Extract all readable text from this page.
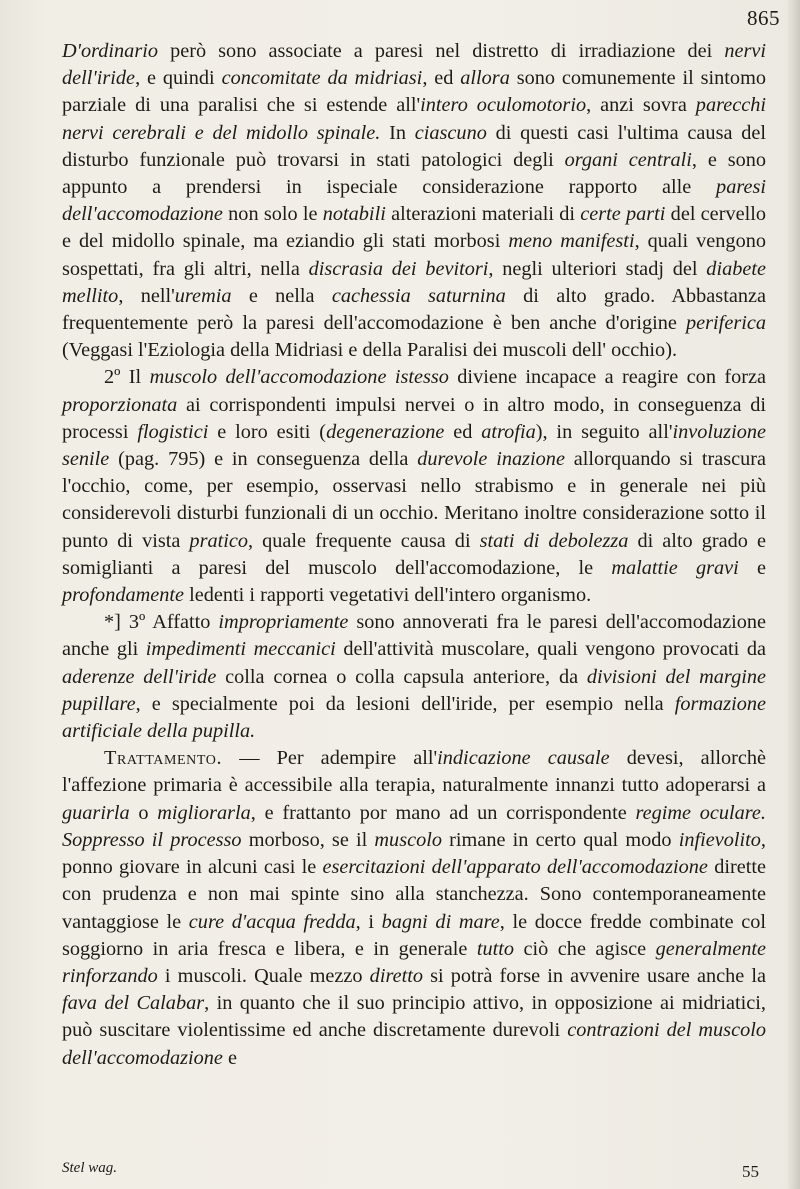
865

D'ordinario però sono associate a paresi nel distretto di irradiazione dei nervi dell'iride, e quindi concomitate da midriasi, ed allora sono comunemente il sintomo parziale di una paralisi che si estende all'intero oculomotorio, anzi sovra parecchi nervi cerebrali e del midollo spinale. In ciascuno di questi casi l'ultima causa del disturbo funzionale può trovarsi in stati patologici degli organi centrali, e sono appunto a prendersi in ispeciale considerazione rapporto alle paresi dell'accomodazione non solo le notabili alterazioni materiali di certe parti del cervello e del midollo spinale, ma eziandio gli stati morbosi meno manifesti, quali vengono sospettati, fra gli altri, nella discrasia dei bevitori, negli ulteriori stadj del diabete mellito, nell'uremia e nella cachessia saturnina di alto grado. Abbastanza frequentemente però la paresi dell'accomodazione è ben anche d'origine periferica (Veggasi l'Eziologia della Midriasi e della Paralisi dei muscoli dell' occhio).

2º Il muscolo dell'accomodazione istesso diviene incapace a reagire con forza proporzionata ai corrispondenti impulsi nervei o in altro modo, in conseguenza di processi flogistici e loro esiti (degenerazione ed atrofia), in seguito all'involuzione senile (pag. 795) e in conseguenza della durevole inazione allorquando si trascura l'occhio, come, per esempio, osservasi nello strabismo e in generale nei più considerevoli disturbi funzionali di un occhio. Meritano inoltre considerazione sotto il punto di vista pratico, quale frequente causa di stati di debolezza di alto grado e somiglianti a paresi del muscolo dell'accomodazione, le malattie gravi e profondamente ledenti i rapporti vegetativi dell'intero organismo.

*] 3º Affatto impropriamente sono annoverati fra le paresi dell'accomodazione anche gli impedimenti meccanici dell'attività muscolare, quali vengono provocati da aderenze dell'iride colla cornea o colla capsula anteriore, da divisioni del margine pupillare, e specialmente poi da lesioni dell'iride, per esempio nella formazione artificiale della pupilla.

Trattamento. — Per adempire all'indicazione causale devesi, allorchè l'affezione primaria è accessibile alla terapia, naturalmente innanzi tutto adoperarsi a guarirla o migliorarla, e frattanto por mano ad un corrispondente regime oculare. Soppresso il processo morboso, se il muscolo rimane in certo qual modo infievolito, ponno giovare in alcuni casi le esercitazioni dell'apparato dell'accomodazione dirette con prudenza e non mai spinte sino alla stanchezza. Sono contemporaneamente vantaggiose le cure d'acqua fredda, i bagni di mare, le docce fredde combinate col soggiorno in aria fresca e libera, e in generale tutto ciò che agisce generalmente rinforzando i muscoli. Quale mezzo diretto si potrà forse in avvenire usare anche la fava del Calabar, in quanto che il suo principio attivo, in opposizione ai midriatici, può suscitare violentissime ed anche discretamente durevoli contrazioni del muscolo dell'accomodazione e

Stel wag.	55
